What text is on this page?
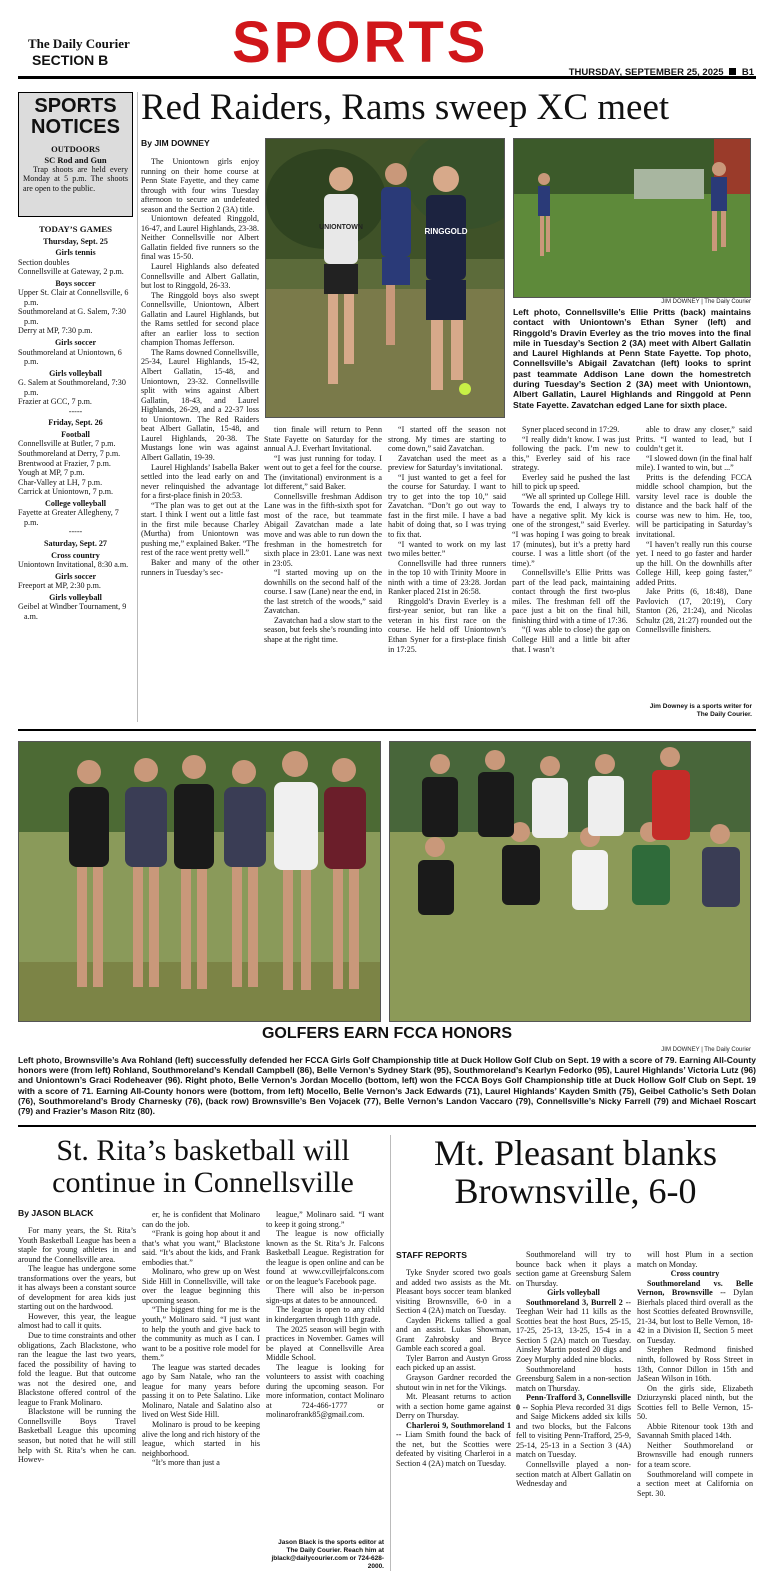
The Daily Courier
SECTION B SPORTS	THURSDAY, SEPTEMBER 25, 2025 B1
SPORTS
NOTICES
OUTDOORS
SC Rod and Gun
Trap shoots are held every Monday at 5 p.m. The shoots are open to the public.
TODAY’S GAMES
Thursday, Sept. 25
Girls tennis
Section doubles
Connellsville at Gateway, 2 p.m.
Boys soccer
Upper St. Clair at Connellsville, 6 p.m.
Southmoreland at G. Salem, 7:30 p.m.
Derry at MP, 7:30 p.m.
Girls soccer
Southmoreland at Uniontown, 6 p.m.
Girls volleyball
G. Salem at Southmoreland, 7:30 p.m.
Frazier at GCC, 7 p.m.
-----
Friday, Sept. 26
Football
Connellsville at Butler, 7 p.m.
Southmoreland at Derry, 7 p.m.
Brentwood at Frazier, 7 p.m.
Yough at MP, 7 p.m.
Char-Valley at LH, 7 p.m.
Carrick at Uniontown, 7 p.m.
College volleyball
Fayette at Greater Allegheny, 7 p.m.
-----
Saturday, Sept. 27
Cross country
Uniontown Invitational, 8:30 a.m.
Girls soccer
Freeport at MP, 2:30 p.m.
Girls volleyball
Geibel at Windber Tournament, 9 a.m.
Red Raiders, Rams sweep XC meet
By JIM DOWNEY
UNIONTOWN	RINGGOLD
JIM DOWNEY | The Daily Courier
Left photo, Connellsville’s Ellie Pritts (back) maintains contact with Uniontown’s Ethan Syner (left) and Ringgold’s Dravin Everley as the trio moves into the final mile in Tuesday’s Section 2 (3A) meet with Albert Gallatin and Laurel Highlands at Penn State Fayette. Top photo, Connellsville’s Abigail Zavatchan (left) looks to sprint past teammate Addison Lane down the homestretch during Tuesday’s Section 2 (3A) meet with Uniontown, Albert Gallatin, Laurel Highlands and Ringgold at Penn State Fayette. Zavatchan edged Lane for sixth place.

The Uniontown girls enjoy running on their home course at Penn State Fayette, and they came through with four wins Tuesday afternoon to secure an undefeated season and the Section 2 (3A) title.

Uniontown defeated Ringgold, 16-47, and Laurel Highlands, 23-38. Neither Connellsville nor Albert Gallatin fielded five runners so the final was 15-50.

Laurel Highlands also defeated Connellsville and Albert Gallatin, but lost to Ringgold, 26-33.

The Ringgold boys also swept Connellsville, Uniontown, Albert Gallatin and Laurel Highlands, but the Rams settled for second place after an earlier loss to section champion Thomas Jefferson.

The Rams downed Connellsville, 25-34, Laurel Highlands, 15-42, Albert Gallatin, 15-48, and Uniontown, 23-32. Connellsville split with wins against Albert Gallatin, 18-43, and Laurel Highlands, 26-29, and a 22-37 loss to Uniontown. The Red Raiders beat Albert Gallatin, 15-48, and Laurel Highlands, 20-38. The Mustangs lone win was against Albert Gallatin, 19-39.

Laurel Highlands’ Isabella Baker settled into the lead early on and never relinquished the advantage for a first-place finish in 20:53.

“The plan was to get out at the start. I think I went out a little fast in the first mile because Charley (Murtha) from Uniontown was pushing me,” explained Baker. “The rest of the race went pretty well.”

Baker and many of the other runners in Tuesday’s sec-

tion finale will return to Penn State Fayette on Saturday for the annual A.J. Everhart Invitational.

“I was just running for today. I went out to get a feel for the course. The (invitational) environment is a lot different,” said Baker.

Connellsville freshman Addison Lane was in the fifth-sixth spot for most of the race, but teammate Abigail Zavatchan made a late move and was able to run down the freshman in the homestretch for sixth place in 23:01. Lane was next in 23:05.

“I started moving up on the downhills on the second half of the course. I saw (Lane) near the end, in the last stretch of the woods,” said Zavatchan.

Zavatchan had a slow start to the season, but feels she’s rounding into shape at the right time.

“I started off the season not strong. My times are starting to come down,” said Zavatchan.

Zavatchan used the meet as a preview for Saturday’s invitational.

“I just wanted to get a feel for the course for Saturday. I want to try to get into the top 10,” said Zavatchan. “Don’t go out way to fast in the first mile. I have a bad habit of doing that, so I was trying to fix that.

“I wanted to work on my last two miles better.”

Connellsville had three runners in the top 10 with Trinity Moore in ninth with a time of 23:28. Jordan Ranker placed 21st in 26:58.

Ringgold’s Dravin Everley is a first-year senior, but ran like a veteran in his first race on the course. He held off Uniontown’s Ethan Syner for a first-place finish in 17:25.

Syner placed second in 17:29.

“I really didn’t know. I was just following the pack. I’m new to this,” Everley said of his race strategy.

Everley said he pushed the last hill to pick up speed.

“We all sprinted up College Hill. Towards the end, I always try to have a negative split. My kick is one of the strongest,” said Everley. “I was hoping I was going to break 17 (minutes), but it’s a pretty hard course. I was a little short (of the time).”

Connellsville’s Ellie Pritts was part of the lead pack, maintaining contact through the first two-plus miles. The freshman fell off the pace just a bit on the final hill, finishing third with a time of 17:36.

“(I was able to close) the gap on College Hill and a little bit after that. I wasn’t

able to draw any closer,” said Pritts. “I wanted to lead, but I couldn’t get it.

“I slowed down (in the final half mile). I wanted to win, but ...”

Pritts is the defending FCCA middle school champion, but the varsity level race is double the distance and the back half of the course was new to him. He, too, will be participating in Saturday’s invitational.

“I haven’t really run this course yet. I need to go faster and harder up the hill. On the downhills after College Hill, keep going faster,” added Pritts.

Jake Pritts (6, 18:48), Dane Pavlovich (17, 20:19), Cory Stanton (26, 21:24), and Nicolas Schultz (28, 21:27) rounded out the Connellsville finishers.

Jim Downey is a sports writer for The Daily Courier.
GOLFERS EARN FCCA HONORS
JIM DOWNEY | The Daily Courier
Left photo, Brownsville’s Ava Rohland (left) successfully defended her FCCA Girls Golf Championship title at Duck Hollow Golf Club on Sept. 19 with a score of 79. Earning All-County honors were (from left) Rohland, Southmoreland’s Kendall Campbell (86), Belle Vernon’s Sydney Stark (95), Southmoreland’s Kearlyn Fedorko (95), Laurel Highlands’ Victoria Lutz (96) and Uniontown’s Graci Rodeheaver (96). Right photo, Belle Vernon’s Jordan Mocello (bottom, left) won the FCCA Boys Golf Championship title at Duck Hollow Golf Club on Sept. 19 with a score of 71. Earning All-County honors were (bottom, from left) Mocello, Belle Vernon’s Jack Edwards (71), Laurel Highlands’ Kayden Smith (75), Geibel Catholic’s Seth Dolan (76), Southmoreland’s Brody Charnesky (76), (back row) Brownsville’s Ben Vojacek (77), Belle Vernon’s Landon Vaccaro (79), Connellsville’s Nicky Farrell (79) and Michael Roscart (79) and Frazier’s Mason Ritz (80).
St. Rita’s basketball will continue in Connellsville
By JASON BLACK

For many years, the St. Rita’s Youth Basketball League has been a staple for young athletes in and around the Connellsville area.

The league has undergone some transformations over the years, but it has always been a constant source of development for area kids just starting out on the hardwood.

However, this year, the league almost had to call it quits.

Due to time constraints and other obligations, Zach Blackstone, who ran the league the last two years, faced the possibility of having to fold the league. But that outcome was not the desired one, and Blackstone offered control of the league to Frank Molinaro.

Blackstone will be running the Connellsville Boys Travel Basketball League this upcoming season, but noted that he will still help with St. Rita’s when he can. Howev-

er, he is confident that Molinaro can do the job.

“Frank is going hop about it and that’s what you want,” Blackstone said. “It’s about the kids, and Frank embodies that.”

Molinaro, who grew up on West Side Hill in Connellsville, will take over the league beginning this upcoming season.

“The biggest thing for me is the youth,” Molinaro said. “I just want to help the youth and give back to the community as much as I can. I want to be a positive role model for them.”

The league was started decades ago by Sam Natale, who ran the league for many years before passing it on to Pete Salatino. Like Molinaro, Natale and Salatino also lived on West Side Hill.

Molinaro is proud to be keeping alive the long and rich history of the league, which started in his neighborhood.

“It’s more than just a

league,” Molinaro said. “I want to keep it going strong.”

The league is now officially known as the St. Rita’s Jr. Falcons Basketball League. Registration for the league is open online and can be found at www.cvillejrfalcons.com or on the league’s Facebook page.

There will also be in-person sign-ups at dates to be announced.

The league is open to any child in kindergarten through 11th grade.

The 2025 season will begin with practices in November. Games will be played at Connellsville Area Middle School.

The league is looking for volunteers to assist with coaching during the upcoming season. For more information, contact Molinaro at 724-466-1777 or molinarofrank85@gmail.com.

Jason Black is the sports editor at The Daily Courier. Reach him at jblack@dailycourier.com or 724-628-2000.
Mt. Pleasant blanks Brownsville, 6-0
STAFF REPORTS

Tyke Snyder scored two goals and added two assists as the Mt. Pleasant boys soccer team blanked visiting Brownsville, 6-0 in a Section 4 (2A) match on Tuesday.

Cayden Pickens tallied a goal and an assist. Lukas Showman, Grant Zahrobsky and Bryce Gamble each scored a goal.

Tyler Barron and Austyn Gross each picked up an assist.

Grayson Gardner recorded the shutout win in net for the Vikings.

Mt. Pleasant returns to action with a section home game against Derry on Thursday.

Charleroi 9, Southmoreland 1 -- Liam Smith found the back of the net, but the Scotties were defeated by visiting Charleroi in a Section 4 (2A) match on Tuesday.

Southmoreland will try to bounce back when it plays a section game at Greensburg Salem on Thursday.

Girls volleyball

Southmoreland 3, Burrell 2 -- Teeghan Weir had 11 kills as the Scotties beat the host Bucs, 25-15, 17-25, 25-13, 13-25, 15-4 in a Section 5 (2A) match on Tuesday. Ainsley Martin posted 20 digs and Zoey Murphy added nine blocks.

Southmoreland hosts Greensburg Salem in a non-section match on Thursday.

Penn-Trafford 3, Connellsville 0 -- Sophia Pleva recorded 31 digs and Saige Mickens added six kills and two blocks, but the Falcons fell to visiting Penn-Trafford, 25-9, 25-14, 25-13 in a Section 3 (4A) match on Tuesday.

Connellsville played a non-section match at Albert Gallatin on Wednesday and

will host Plum in a section match on Monday.

Cross country

Southmoreland vs. Belle Vernon, Brownsville -- Dylan Bierhals placed third overall as the host Scotties defeated Brownsville, 21-34, but lost to Belle Vernon, 18-42 in a Division II, Section 5 meet on Tuesday.

Stephen Redmond finished ninth, followed by Ross Street in 13th, Connor Dillon in 15th and JaSean Wilson in 16th.

On the girls side, Elizabeth Dziurzynski placed ninth, but the Scotties fell to Belle Vernon, 15-50.

Abbie Ritenour took 13th and Savannah Smith placed 14th.

Neither Southmoreland or Brownsville had enough runners for a team score.

Southmoreland will compete in a section meet at California on Sept. 30.
